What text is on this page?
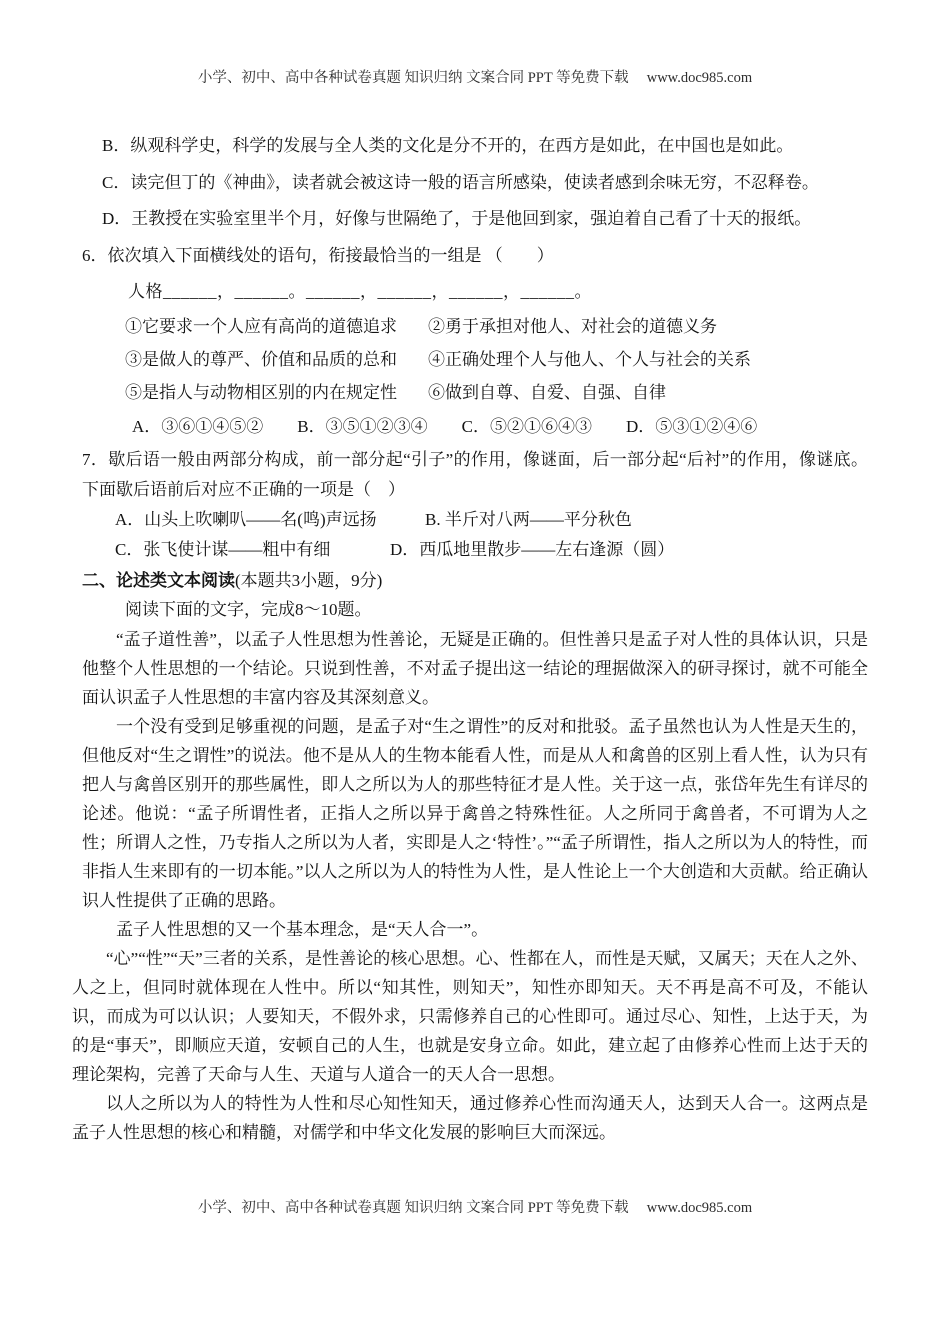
小学、初中、高中各种试卷真题 知识归纳 文案合同 PPT 等免费下载　 www.doc985.com
B．纵观科学史，科学的发展与全人类的文化是分不开的，在西方是如此，在中国也是如此。
C．读完但丁的《神曲》，读者就会被这诗一般的语言所感染，使读者感到余味无穷，不忍释卷。
D．王教授在实验室里半个月，好像与世隔绝了，于是他回到家，强迫着自己看了十天的报纸。
6．依次填入下面横线处的语句，衔接最恰当的一组是 （　　）
人格______，______。______，______，______，______。
①它要求一个人应有高尚的道德追求 ②勇于承担对他人、对社会的道德义务
③是做人的尊严、价值和品质的总和 ④正确处理个人与他人、个人与社会的关系
⑤是指人与动物相区别的内在规定性 ⑥做到自尊、自爱、自强、自律
A．③⑥①④⑤②　　B．③⑤①②③④　　C．⑤②①⑥④③　　D．⑤③①②④⑥
7．歇后语一般由两部分构成，前一部分起“引子”的作用，像谜面，后一部分起“后衬”的作用，像谜底。下面歇后语前后对应不正确的一项是（　）
A．山头上吹喇叭——名(鸣)声远扬	B. 半斤对八两——平分秋色
C．张飞使计谋——粗中有细	D．西瓜地里散步——左右逢源（圆）
二、论述类文本阅读(本题共3小题，9分)
阅读下面的文字，完成8～10题。

“孟子道性善”，以孟子人性思想为性善论，无疑是正确的。但性善只是孟子对人性的具体认识，只是他整个人性思想的一个结论。只说到性善，不对孟子提出这一结论的理据做深入的研寻探讨，就不可能全面认识孟子人性思想的丰富内容及其深刻意义。

一个没有受到足够重视的问题，是孟子对“生之谓性”的反对和批驳。孟子虽然也认为人性是天生的，但他反对“生之谓性”的说法。他不是从人的生物本能看人性，而是从人和禽兽的区别上看人性，认为只有把人与禽兽区别开的那些属性，即人之所以为人的那些特征才是人性。关于这一点，张岱年先生有详尽的论述。他说：“孟子所谓性者，正指人之所以异于禽兽之特殊性征。人之所同于禽兽者，不可谓为人之性；所谓人之性，乃专指人之所以为人者，实即是人之‘特性’。”“孟子所谓性，指人之所以为人的特性，而非指人生来即有的一切本能。”以人之所以为人的特性为人性，是人性论上一个大创造和大贡献。给正确认识人性提供了正确的思路。

孟子人性思想的又一个基本理念，是“天人合一”。

“心”“性”“天”三者的关系，是性善论的核心思想。心、性都在人，而性是天赋，又属天；天在人之外、人之上，但同时就体现在人性中。所以“知其性，则知天”，知性亦即知天。天不再是高不可及，不能认识，而成为可以认识；人要知天，不假外求，只需修养自己的心性即可。通过尽心、知性，上达于天，为的是“事天”，即顺应天道，安顿自己的人生，也就是安身立命。如此，建立起了由修养心性而上达于天的理论架构，完善了天命与人生、天道与人道合一的天人合一思想。

以人之所以为人的特性为人性和尽心知性知天，通过修养心性而沟通天人，达到天人合一。这两点是孟子人性思想的核心和精髓，对儒学和中华文化发展的影响巨大而深远。

小学、初中、高中各种试卷真题 知识归纳 文案合同 PPT 等免费下载　 www.doc985.com
